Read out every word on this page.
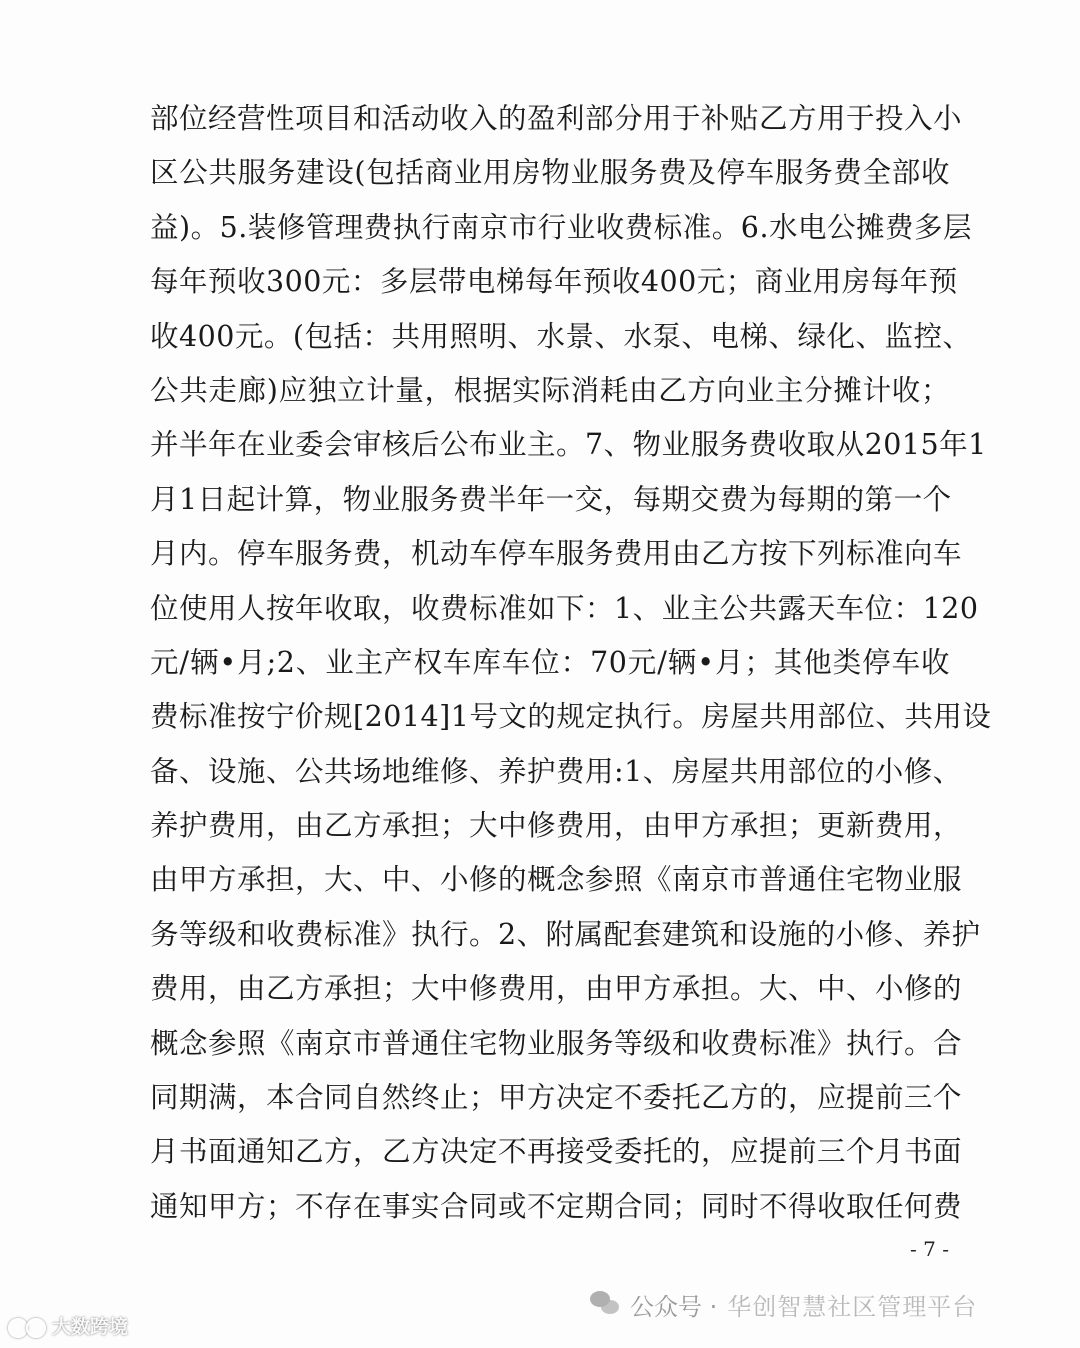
部位经营性项目和活动收入的盈利部分用于补贴乙方用于投入小
区公共服务建设(包括商业用房物业服务费及停车服务费全部收
益)。5.装修管理费执行南京市行业收费标准。6.水电公摊费多层
每年预收300元：多层带电梯每年预收400元；商业用房每年预
收400元。(包括：共用照明、水景、水泵、电梯、绿化、监控、
公共走廊)应独立计量，根据实际消耗由乙方向业主分摊计收；
并半年在业委会审核后公布业主。7、物业服务费收取从2015年1
月1日起计算，物业服务费半年一交，每期交费为每期的第一个
月内。停车服务费，机动车停车服务费用由乙方按下列标准向车
位使用人按年收取，收费标准如下：1、业主公共露天车位：120
元/辆•月;2、业主产权车库车位：70元/辆•月；其他类停车收
费标准按宁价规[2014]1号文的规定执行。房屋共用部位、共用设
备、设施、公共场地维修、养护费用:1、房屋共用部位的小修、
养护费用，由乙方承担；大中修费用，由甲方承担；更新费用，
由甲方承担，大、中、小修的概念参照《南京市普通住宅物业服
务等级和收费标准》执行。2、附属配套建筑和设施的小修、养护
费用，由乙方承担；大中修费用，由甲方承担。大、中、小修的
概念参照《南京市普通住宅物业服务等级和收费标准》执行。合
同期满，本合同自然终止；甲方决定不委托乙方的，应提前三个
月书面通知乙方，乙方决定不再接受委托的，应提前三个月书面
通知甲方；不存在事实合同或不定期合同；同时不得收取任何费
- 7 -
公众号 · 华创智慧社区管理平台
大数跨境
